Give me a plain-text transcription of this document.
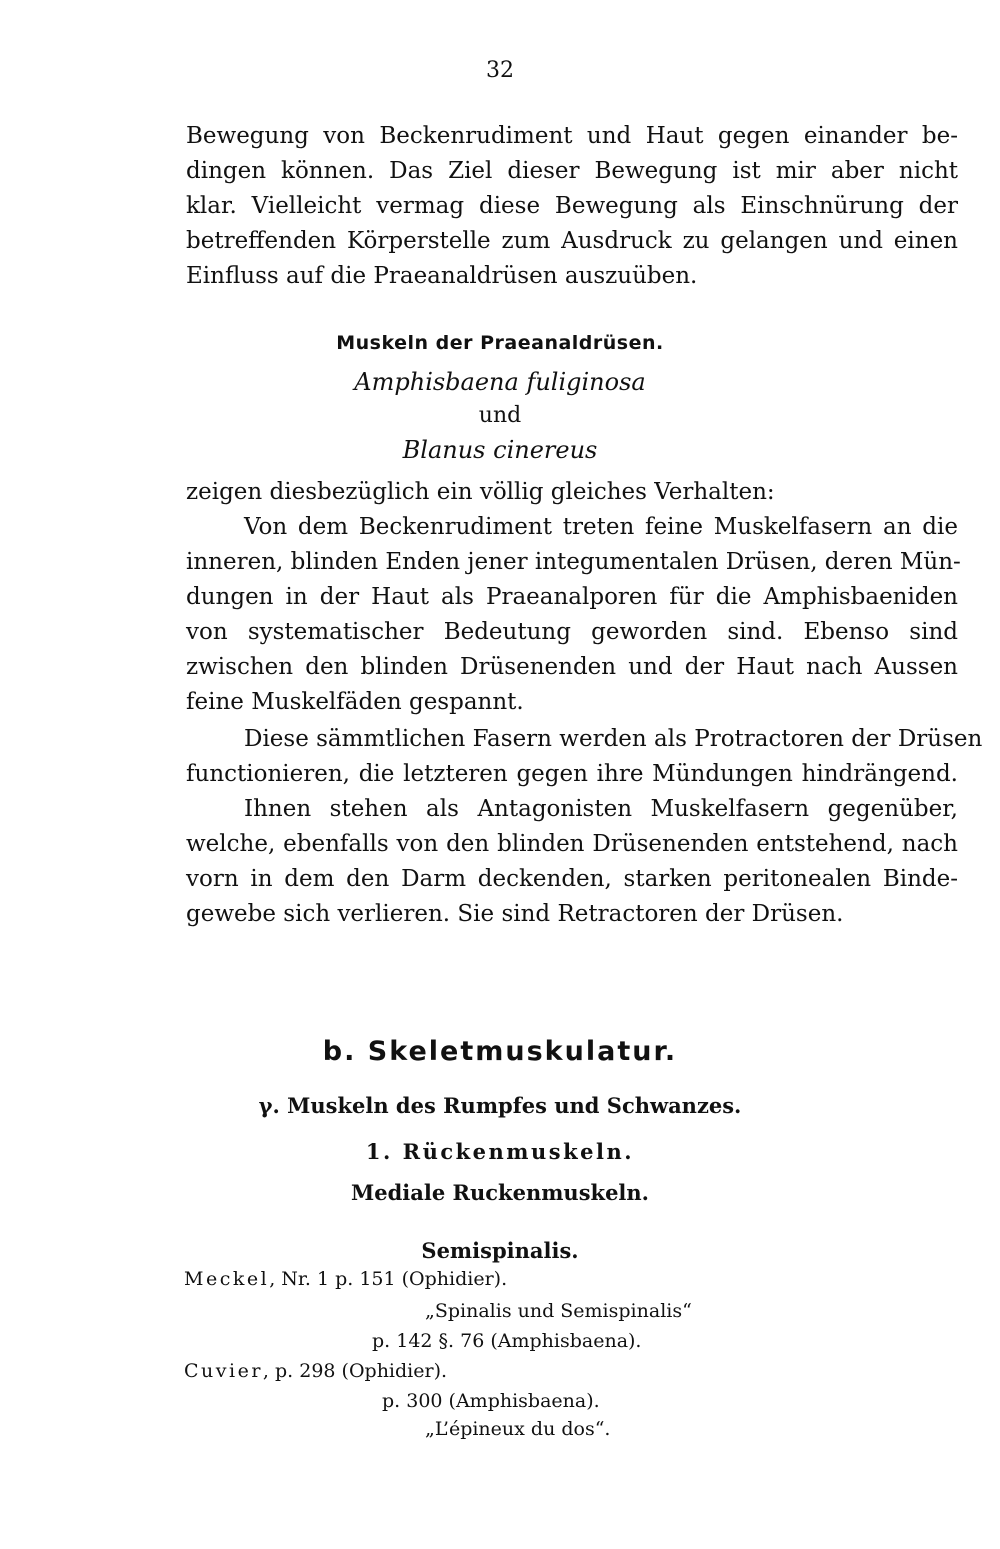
32
Bewegung von Beckenrudiment und Haut gegen einander be-
dingen können. Das Ziel dieser Bewegung ist mir aber nicht
klar. Vielleicht vermag diese Bewegung als Einschnürung der
betreffenden Körperstelle zum Ausdruck zu gelangen und einen
Einfluss auf die Praeanaldrüsen auszuüben.
Muskeln der Praeanaldrüsen.
Amphisbaena fuliginosa
und
Blanus cinereus
zeigen diesbezüglich ein völlig gleiches Verhalten:
Von dem Beckenrudiment treten feine Muskelfasern an die
inneren, blinden Enden jener integumentalen Drüsen, deren Mün-
dungen in der Haut als Praeanalporen für die Amphisbaeniden
von systematischer Bedeutung geworden sind. Ebenso sind
zwischen den blinden Drüsenenden und der Haut nach Aussen
feine Muskelfäden gespannt.
Diese sämmtlichen Fasern werden als Protractoren der Drüsen
functionieren, die letzteren gegen ihre Mündungen hindrängend.
Ihnen stehen als Antagonisten Muskelfasern gegenüber,
welche, ebenfalls von den blinden Drüsenenden entstehend, nach
vorn in dem den Darm deckenden, starken peritonealen Binde-
gewebe sich verlieren. Sie sind Retractoren der Drüsen.
b. Skeletmuskulatur.
γ. Muskeln des Rumpfes und Schwanzes.
1. Rückenmuskeln.
Mediale Ruckenmuskeln.
Semispinalis.
Meckel, Nr. 1 p. 151 (Ophidier).
„Spinalis und Semispinalis“
p. 142 §. 76 (Amphisbaena).
Cuvier, p. 298 (Ophidier).
p. 300 (Amphisbaena).
„L’épineux du dos“.
